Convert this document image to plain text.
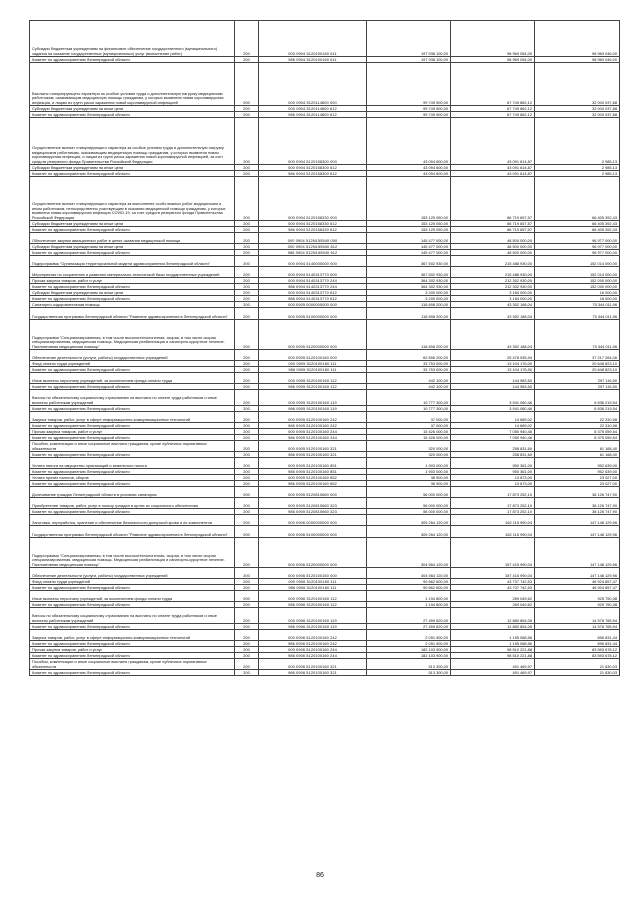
Субсидии бюджетным учреждениям на финансовое обеспечение государственного (муниципального) задания на оказание государственных (муниципальных) услуг (выполнение работ)	200	000 0904 5120100160 611	197 938 100,00	98 969 054,00	98 969 046,00
Комитет по здравоохранению Ленинградской области	200	986 0904 5120100160 611	197 938 100,00	98 969 054,00	98 969 046,00
Выплаты стимулирующего характера за особые условия труда и дополнительную нагрузку медицинским работникам, оказывающим медицинскую помощь гражданам, у которых выявлена новая коронавирусная инфекция, и лицам из групп риска заражения новой коронавирусной инфекцией	200	000 0904 5120114800 000	99 749 900,00	67 749 862,12	32 000 037,88
Субсидии бюджетным учреждениям на иные цели	200	000 0904 5120114800 612	99 749 900,00	67 749 862,12	32 000 037,88
Комитет по здравоохранению Ленинградской области	200	986 0904 5120114800 612	99 749 900,00	67 749 862,12	32 000 037,88
Осуществление выплат стимулирующего характера за особые условия труда и дополнительную нагрузку медицинским работникам, оказывающим медицинскую помощь гражданам, у которых выявлена новая коронавирусная инфекция, и лицам из групп риска заражения новой коронавирусной инфекцией, за счет средств резервного фонда Правительства Российской Федерации	200	000 0904 5120158300 000	43 094 600,00	43 091 614,87	2 985,13
Субсидии бюджетным учреждениям на иные цели	200	000 0904 5120158300 612	43 094 600,00	43 091 614,87	2 985,13
Комитет по здравоохранению Ленинградской области	200	986 0904 5120158300 612	43 094 600,00	43 091 614,87	2 985,13
Осуществление выплат стимулирующего характера за выполнение особо важных работ медицинским и иным работникам, непосредственно участвующим в оказании медицинской помощи гражданам, у которых выявлена новая коронавирусная инфекция COVID-19, за счет средств резервного фонда Правительства Российской Федерации	200	000 0904 5120158330 000	153 125 050,00	86 719 657,57	66 405 392,43
Субсидии бюджетным учреждениям на иные цели	200	000 0904 5120158330 612	153 125 050,00	86 719 657,57	66 405 392,43
Комитет по здравоохранению Ленинградской области	200	986 0904 5120158330 612	153 125 050,00	86 719 657,57	66 405 392,43
Обеспечение закупки авиационных работ в целях оказания медицинской помощи	200	000 0904 512N155540 000	145 477 000,00	48 500 000,00	96 977 000,00
Субсидии бюджетным учреждениям на иные цели	200	000 0904 512N155540 612	145 477 000,00	48 500 000,00	96 977 000,00
Комитет по здравоохранению Ленинградской области	200	986 0904 512N155540 612	145 477 000,00	48 500 000,00	96 977 000,00
Подпрограмма "Организация территориальной модели здравоохранения Ленинградской области"	200	000 0904 5140000000 000	367 502 930,00	215 488 930,00	152 014 000,00
Мероприятия по сохранению и развитию материально-технической базы государственных учреждений	200	000 0904 5140313770 000	367 502 930,00	215 488 930,00	152 014 000,00
Прочая закупка товаров, работ и услуг	200	000 0904 5140313770 244	364 302 930,00	212 302 930,00	152 000 000,00
Комитет по здравоохранению Ленинградской области	200	986 0904 5140313770 244	364 302 930,00	212 302 930,00	152 000 000,00
Субсидии бюджетным учреждениям на иные цели	200	000 0904 5140313770 612	3 200 000,00	3 184 000,00	16 000,00
Комитет по здравоохранению Ленинградской области	200	986 0904 5140313770 612	3 200 000,00	3 184 000,00	16 000,00
Санаторно-оздоровительная помощь	200	000 0905 0000000000 000	118 698 200,00	43 352 188,04	75 344 011,96
Государственная программа Ленинградской области "Развитие здравоохранения в Ленинградской области"	200	000 0905 5100000000 000	118 698 200,00	43 352 188,04	75 344 011,96
Подпрограмма "Специализированная, в том числе высокотехнологичная, скорая, в том числе скорая специализированная, медицинская помощь. Медицинская реабилитация и санаторно-курортное лечение. Паллиативная медицинская помощь"	200	000 0905 5120000000 000	118 698 200,00	43 352 188,04	75 344 011,96
Обеспечение деятельности (услуги, работы) государственных учреждений	200	000 0905 5120100160 000	62 696 200,00	25 478 935,94	37 217 264,06
Фонд оплаты труда учреждений	200	000 0905 5120100160 111	33 753 000,00	13 104 176,00	20 648 823,10
Комитет по здравоохранению Ленинградской области	200	986 0905 5120100160 111	33 753 000,00	13 104 176,90	20 648 823,10
Иные выплаты персоналу учреждений, за исключением фонда оплаты труда	200	000 0905 5120100160 112	442 100,00	144 983,50	297 116,50
Комитет по здравоохранению Ленинградской области	200	986 0905 5120100160 112	442 100,00	144 983,50	297 116,50
Взносы по обязательному социальному страхованию на выплаты по оплате труда работников и иные выплаты работникам учреждений	200	000 0905 5120100160 119	10 777 300,00	3 941 080,46	6 836 219,54
Комитет по здравоохранению Ленинградской области	200	986 0905 5120100160 119	10 777 300,00	3 941 080,46	6 836 219,54
Закупка товаров, работ, услуг в сфере информационно-коммуникационных технологий	200	000 0905 5120100160 242	37 000,00	14 689,02	22 310,98
Комитет по здравоохранению Ленинградской области	200	986 0905 5120100160 242	37 000,00	14 689,02	22 310,98
Прочая закупка товаров, работ и услуг	200	000 0905 5120100160 244	15 426 000,00	7 050 940,46	8 375 059,54
Комитет по здравоохранению Ленинградской области	200	986 0905 5120100160 244	15 426 000,00	7 050 940,46	8 375 059,54
Пособия, компенсации и иные социальные выплаты гражданам, кроме публичных нормативных обязательств	200	000 0905 5120100160 321	320 000,00	258 831,60	61 168,40
Комитет по здравоохранению Ленинградской области	200	986 0905 5120100160 321	320 000,00	258 831,60	61 168,40
Уплата налога на имущество организаций и земельного налога	200	000 0905 5120100160 851	1 903 000,00	950 361,00	952 639,00
Комитет по здравоохранению Ленинградской области	200	986 0905 5120100160 851	1 903 000,00	950 361,00	952 639,00
Уплата прочих налогов, сборов	200	000 0905 5120100160 852	36 900,00	13 873,00	23 027,00
Комитет по здравоохранению Ленинградской области	200	986 0905 5120100160 852	36 900,00	13 873,00	23 027,00
Долечивание граждан Ленинградской области в условиях санатория	200	000 0905 5120810660 000	56 000 000,00	17 873 252,10	38 126 747,90
Приобретение товаров, работ, услуг в пользу граждан в целях их социального обеспечения	200	000 0905 5120810660 323	56 000 000,00	17 873 252,10	38 126 747,90
Комитет по здравоохранению Ленинградской области	200	986 0905 5120810660 323	56 000 000,00	17 873 252,10	38 126 747,90
Заготовка, переработка, хранение и обеспечение безопасности донорской крови и ее компонентов	200	000 0906 0000000000 000	309 264 120,00	162 115 990,04	147 148 129,96
Государственная программа Ленинградской области "Развитие здравоохранения в Ленинградской области"	200	000 0906 5100000000 000	309 264 120,00	162 115 990,04	147 148 129,96
Подпрограмма "Специализированная, в том числе высокотехнологичная, скорая, в том числе скорая специализированная, медицинская помощь. Медицинская реабилитация и санаторно-курортное лечение. Паллиативная медицинская помощь"	200	000 0906 5120000000 000	304 564 120,00	157 415 990,04	147 148 129,96
Обеспечение деятельности (услуги, работы) государственных учреждений	200	000 0906 5120100160 000	304 564 120,00	157 415 990,04	147 148 129,96
Фонд оплаты труда учреждений	200	000 0906 5120100160 111	90 662 600,00	43 737 742,53	46 924 857,47
Комитет по здравоохранению Ленинградской области	200	986 0906 5120100160 111	90 662 600,00	43 737 742,53	46 924 857,47
Иные выплаты персоналу учреждений, за исключением фонда оплаты труда	200	000 0906 5120100160 112	1 194 800,00	269 049,62	925 750,38
Комитет по здравоохранению Ленинградской области	200	986 0906 5120100160 112	1 194 800,00	269 049,62	925 750,38
Взносы по обязательному социальному страхованию на выплаты по оплате труда работников и иные выплаты работникам учреждений	200	000 0906 5120100160 119	27 459 620,00	12 880 854,06	14 578 765,94
Комитет по здравоохранению Ленинградской области	200	986 0906 5120100160 119	27 459 620,00	12 880 854,06	14 578 765,94
Закупка товаров, работ, услуг в сфере информационно-коммуникационных технологий	200	000 0906 5120100160 242	2 051 900,00	1 155 068,56	896 831,44
Комитет по здравоохранению Ленинградской области	200	986 0906 5120100160 242	2 051 900,00	1 155 068,56	896 831,44
Прочая закупка товаров, работ и услуг	200	000 0906 5120100160 244	182 103 900,00	98 510 221,88	83 593 678,12
Комитет по здравоохранению Ленинградской области	200	986 0906 5120100160 244	182 103 900,00	98 510 221,88	83 593 678,12
Пособия, компенсации и иные социальные выплаты гражданам, кроме публичных нормативных обязательств	200	000 0906 5120100160 321	513 300,00	491 469,97	21 830,03
Комитет по здравоохранению Ленинградской области	200	986 0906 5120100160 321	513 300,00	491 469,97	21 830,03
86
